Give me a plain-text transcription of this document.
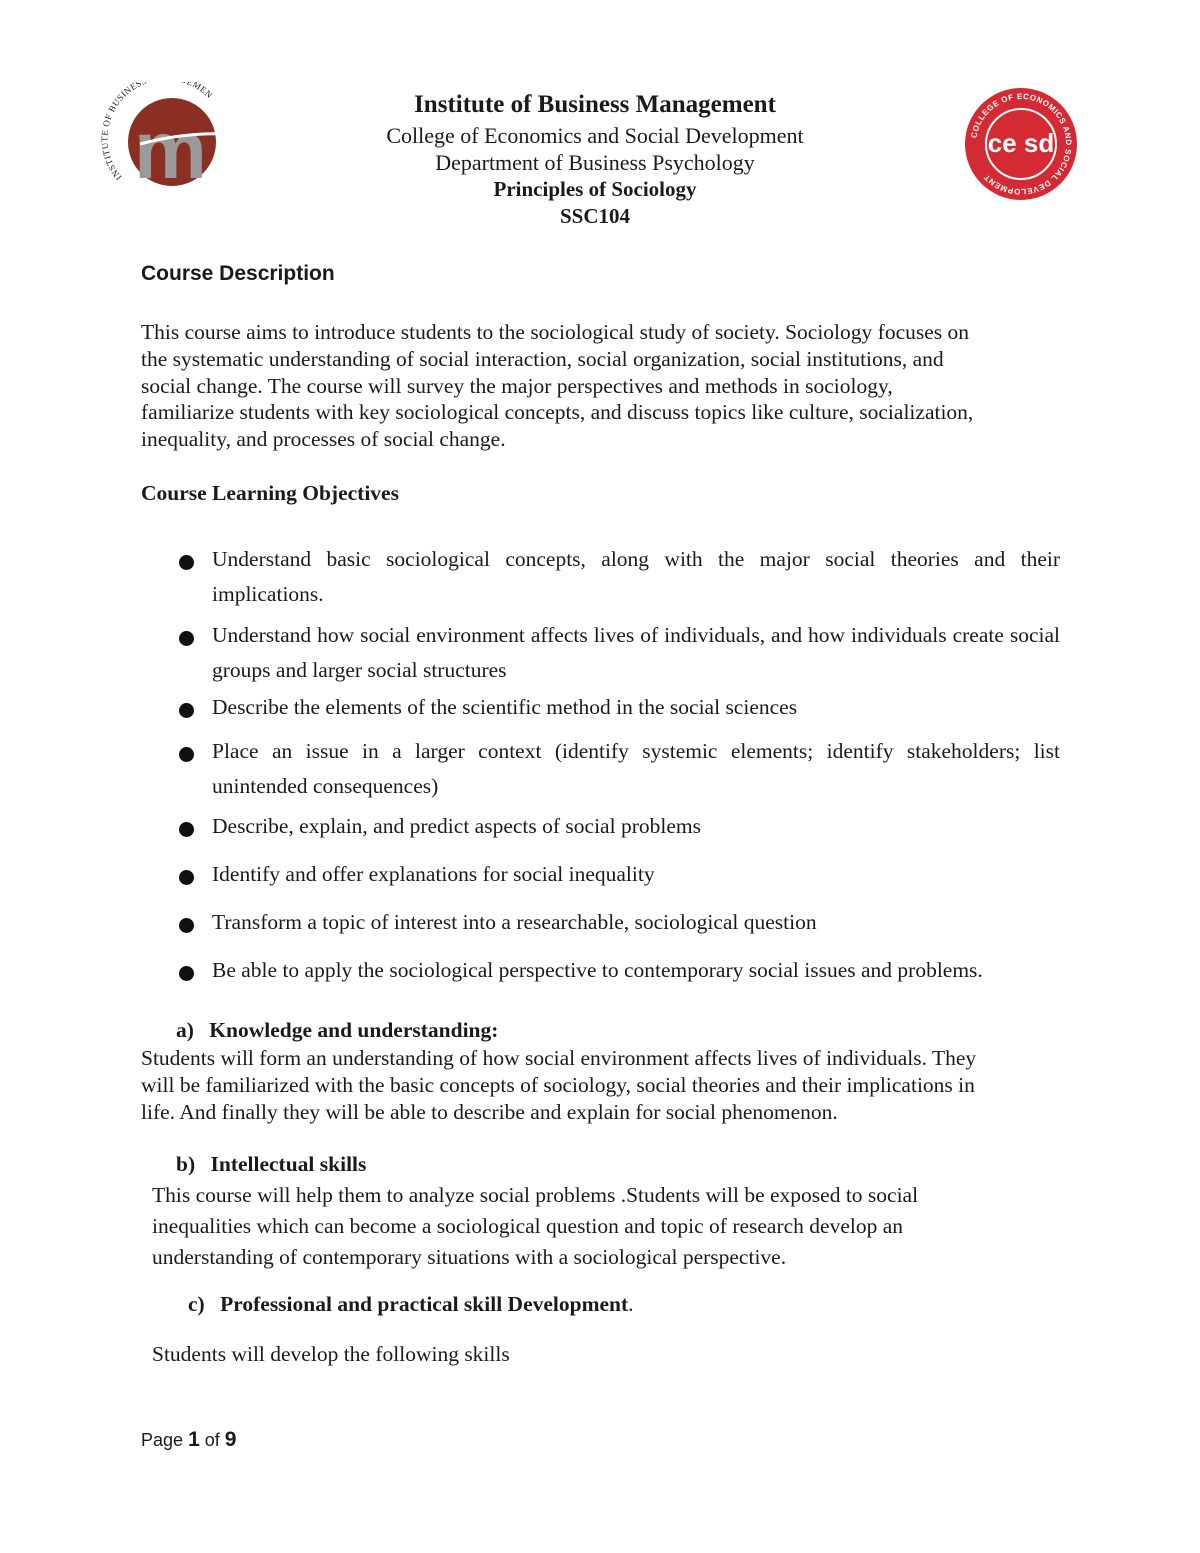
INSTITUTE OF BUSINES EMEN
m	COLLEGE OF ECONOMICS AND SOCIAL DEVELOPMENT
ce sd
Institute of Business Management
College of Economics and Social Development
Department of Business Psychology
Principles of Sociology
SSC104
Course Description
This course aims to introduce students to the sociological study of society. Sociology focuses on
the systematic understanding of social interaction, social organization, social institutions, and
social change. The course will survey the major perspectives and methods in sociology,
familiarize students with key sociological concepts, and discuss topics like culture, socialization,
inequality, and processes of social change.
Course Learning Objectives
Understand basic sociological concepts, along with the major social theories and their implications.
Understand how social environment affects lives of individuals, and how individuals create social groups and larger social structures
Describe the elements of the scientific method in the social sciences
Place an issue in a larger context (identify systemic elements; identify stakeholders; list unintended consequences)
Describe, explain, and predict aspects of social problems
Identify and offer explanations for social inequality
Transform a topic of interest into a researchable, sociological question
Be able to apply the sociological perspective to contemporary social issues and problems.
a) Knowledge and understanding:
Students will form an understanding of how social environment affects lives of individuals. They
will be familiarized with the basic concepts of sociology, social theories and their implications in
life. And finally they will be able to describe and explain for social phenomenon.
b) Intellectual skills
This course will help them to analyze social problems .Students will be exposed to social
inequalities which can become a sociological question and topic of research develop an
understanding of contemporary situations with a sociological perspective.
c) Professional and practical skill Development.
Students will develop the following skills
Page 1 of 9
